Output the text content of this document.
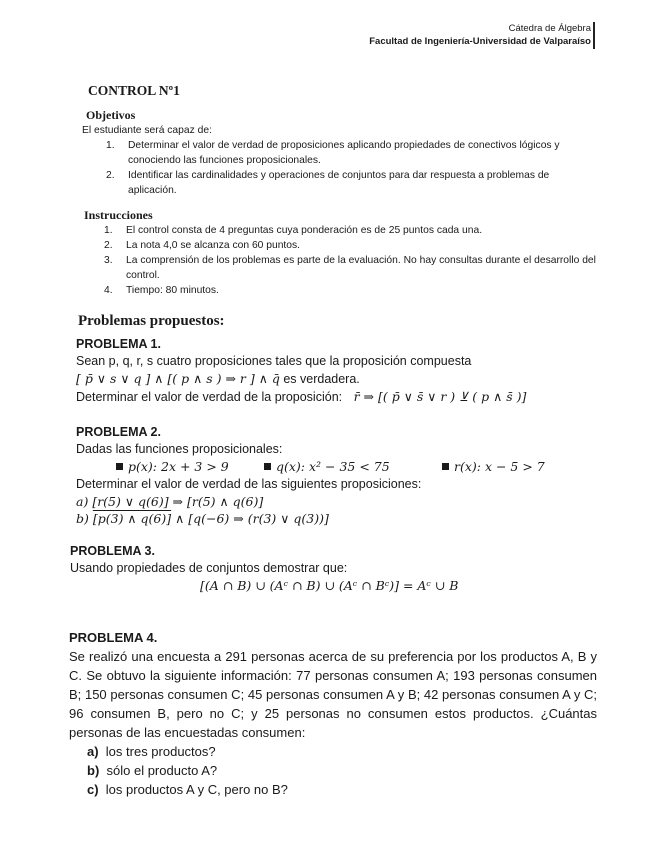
Cátedra de Álgebra
Facultad de Ingeniería-Universidad de Valparaíso
CONTROL Nº1
Objetivos
El estudiante será capaz de:
1. Determinar el valor de verdad de proposiciones aplicando propiedades de conectivos lógicos y conociendo las funciones proposicionales.
2. Identificar las cardinalidades y operaciones de conjuntos para dar respuesta a problemas de aplicación.
Instrucciones
1. El control consta de 4 preguntas cuya ponderación es de 25 puntos cada una.
2. La nota 4,0 se alcanza con 60 puntos.
3. La comprensión de los problemas es parte de la evaluación. No hay consultas durante el desarrollo del control.
4. Tiempo: 80 minutos.
Problemas propuestos:
PROBLEMA 1.
Sean p, q, r, s cuatro proposiciones tales que la proposición compuesta
[ p̄ ∨ s ∨ q ] ∧ [( p ∧ s ) ⇒ r ] ∧ q̄ es verdadera.
Determinar el valor de verdad de la proposición: r̄ ⇒ [( p̄ ∨ s̄ ∨ r ) ⊻ ( p ∧ s̄ )]
PROBLEMA 2.
Dadas las funciones proposicionales:
p(x): 2x + 3 > 9	q(x): x² − 35 < 75	r(x): x − 5 > 7
Determinar el valor de verdad de las siguientes proposiciones:
a) [r(5) ∨ q(6)] ⇒ [r(5) ∧ q(6)]
b) [p(3) ∧ q(6)] ∧ [q(−6) ⇒ (r(3) ∨ q(3))]
PROBLEMA 3.
Usando propiedades de conjuntos demostrar que:
[(A ∩ B) ∪ (Aᶜ ∩ B) ∪ (Aᶜ ∩ Bᶜ)] = Aᶜ ∪ B
PROBLEMA 4.
Se realizó una encuesta a 291 personas acerca de su preferencia por los productos A, B y C. Se obtuvo la siguiente información: 77 personas consumen A; 193 personas consumen B; 150 personas consumen C; 45 personas consumen A y B; 42 personas consumen A y C; 96 consumen B, pero no C; y 25 personas no consumen estos productos. ¿Cuántas personas de las encuestadas consumen:
a) los tres productos?
b) sólo el producto A?
c) los productos A y C, pero no B?
